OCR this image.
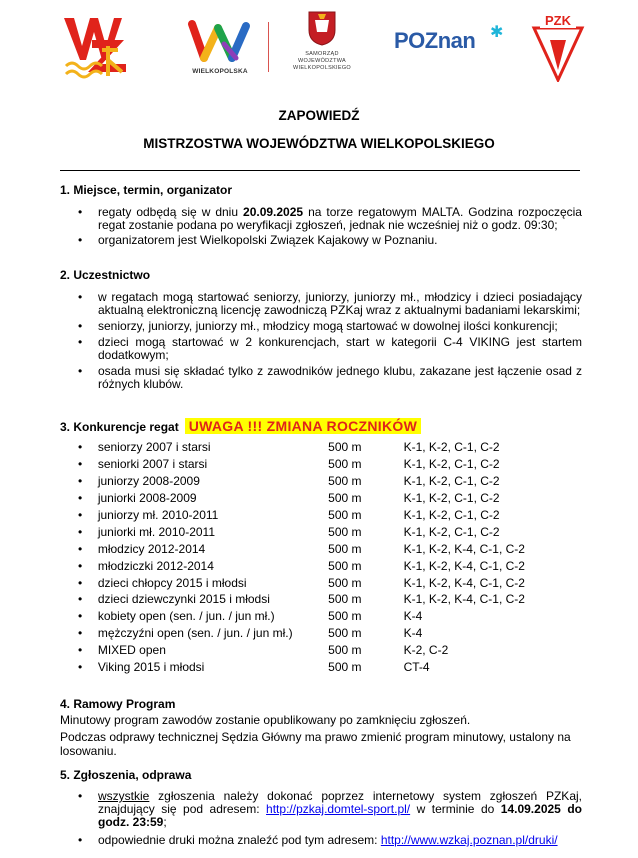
WIELKOPOLSKA
SAMORZĄD
WOJEWÓDZTWA
WIELKOPOLSKIEGO
POZnan ✱
PZK
ZAPOWIEDŹ
MISTRZOSTWA WOJEWÓDZTWA WIELKOPOLSKIEGO
1. Miejsce, termin, organizator
• regaty odbędą się w dniu 20.09.2025 na torze regatowym MALTA. Godzina rozpoczęcia regat zostanie podana po weryfikacji zgłoszeń, jednak nie wcześniej niż o godz. 09:30;
• organizatorem jest Wielkopolski Związek Kajakowy w Poznaniu.
2. Uczestnictwo
• w regatach mogą startować seniorzy, juniorzy, juniorzy mł., młodzicy i dzieci posiadający aktualną elektroniczną licencję zawodniczą PZKaj wraz z aktualnymi badaniami lekarskimi;
• seniorzy, juniorzy, juniorzy mł., młodzicy mogą startować w dowolnej ilości konkurencji;
• dzieci mogą startować w 2 konkurencjach, start w kategorii C-4 VIKING jest startem dodatkowym;
• osada musi się składać tylko z zawodników jednego klubu, zakazane jest łączenie osad z różnych klubów.
3. Konkurencje regat UWAGA !!! ZMIANA ROCZNIKÓW
•	seniorzy 2007 i starsi	500 m	K-1, K-2, C-1, C-2
•	seniorki 2007 i starsi	500 m	K-1, K-2, C-1, C-2
•	juniorzy 2008-2009	500 m	K-1, K-2, C-1, C-2
•	juniorki 2008-2009	500 m	K-1, K-2, C-1, C-2
•	juniorzy mł. 2010-2011	500 m	K-1, K-2, C-1, C-2
•	juniorki mł. 2010-2011	500 m	K-1, K-2, C-1, C-2
•	młodzicy 2012-2014	500 m	K-1, K-2, K-4, C-1, C-2
•	młodziczki 2012-2014	500 m	K-1, K-2, K-4, C-1, C-2
•	dzieci chłopcy 2015 i młodsi	500 m	K-1, K-2, K-4, C-1, C-2
•	dzieci dziewczynki 2015 i młodsi	500 m	K-1, K-2, K-4, C-1, C-2
•	kobiety open (sen. / jun. / jun mł.)	500 m	K-4
•	mężczyźni open (sen. / jun. / jun mł.)	500 m	K-4
•	MIXED open	500 m	K-2, C-2
•	Viking 2015 i młodsi	500 m	CT-4
4. Ramowy Program
Minutowy program zawodów zostanie opublikowany po zamknięciu zgłoszeń.
Podczas odprawy technicznej Sędzia Główny ma prawo zmienić program minutowy, ustalony na losowaniu.
5. Zgłoszenia, odprawa
• wszystkie zgłoszenia należy dokonać poprzez internetowy system zgłoszeń PZKaj, znajdujący się pod adresem: http://pzkaj.domtel-sport.pl/ w terminie do 14.09.2025 do godz. 23:59;
• odpowiednie druki można znaleźć pod tym adresem: http://www.wzkaj.poznan.pl/druki/
